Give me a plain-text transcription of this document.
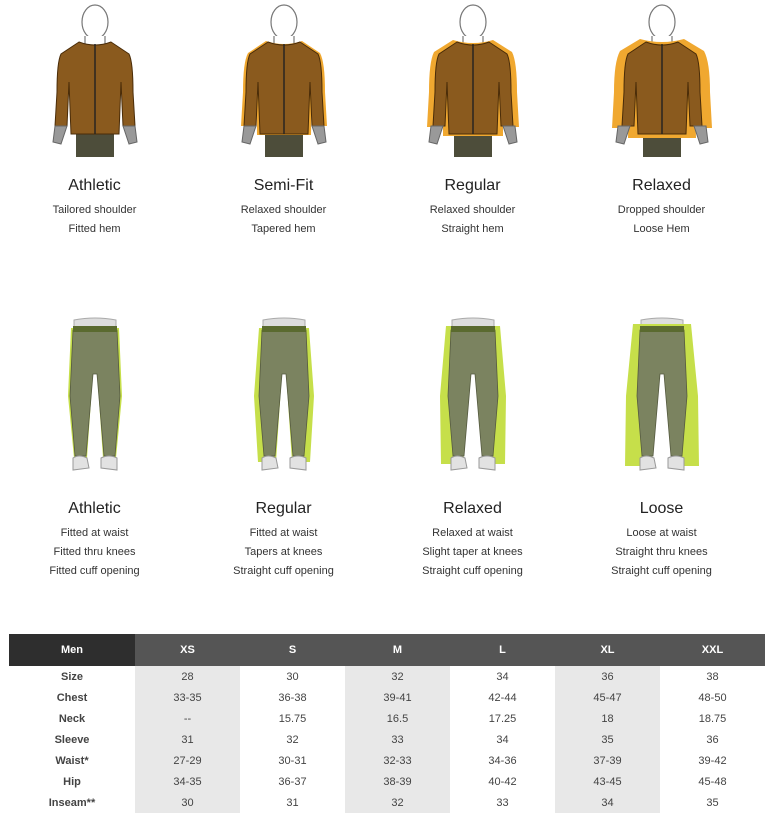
Athletic
Tailored shoulder
Fitted hem
Semi-Fit
Relaxed shoulder
Tapered hem
Regular
Relaxed shoulder
Straight hem
Relaxed
Dropped shoulder
Loose Hem
Athletic
Fitted at waist
Fitted thru knees
Fitted cuff opening
Regular
Fitted at waist
Tapers at knees
Straight cuff opening
Relaxed
Relaxed at waist
Slight taper at knees
Straight cuff opening
Loose
Loose at waist
Straight thru knees
Straight cuff opening
Men	XS	S	M	L	XL	XXL
Size	28	30	32	34	36	38
Chest	33-35	36-38	39-41	42-44	45-47	48-50
Neck	--	15.75	16.5	17.25	18	18.75
Sleeve	31	32	33	34	35	36
Waist*	27-29	30-31	32-33	34-36	37-39	39-42
Hip	34-35	36-37	38-39	40-42	43-45	45-48
Inseam**	30	31	32	33	34	35
